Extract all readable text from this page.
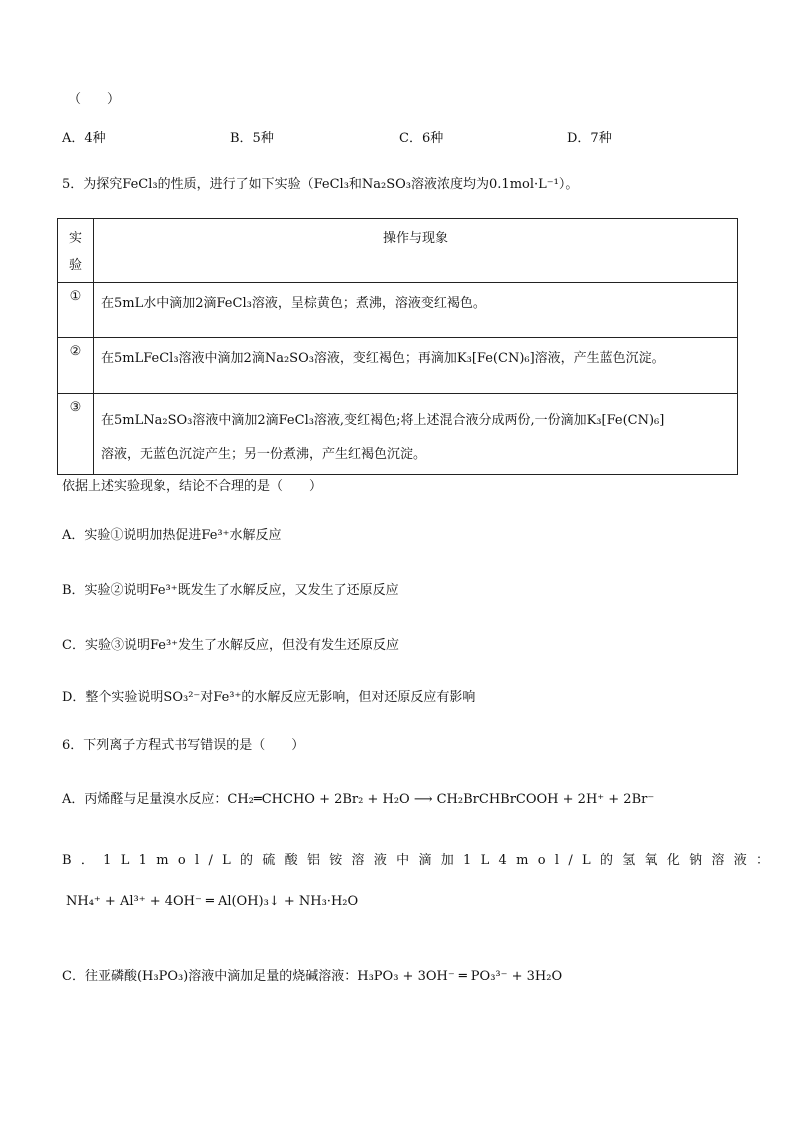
（　　）
A．4种	B．5种	C．6种	D．7种
5．为探究FeCl₃的性质，进行了如下实验（FeCl₃和Na₂SO₃溶液浓度均为0.1mol·L⁻¹）。
实
验	操作与现象

①	在5mL水中滴加2滴FeCl₃溶液，呈棕黄色；煮沸，溶液变红褐色。

②	在5mLFeCl₃溶液中滴加2滴Na₂SO₃溶液，变红褐色；再滴加K₃[Fe(CN)₆]溶液，产生蓝色沉淀。

③	在5mLNa₂SO₃溶液中滴加2滴FeCl₃溶液,变红褐色;将上述混合液分成两份,一份滴加K₃[Fe(CN)₆]
溶液，无蓝色沉淀产生；另一份煮沸，产生红褐色沉淀。
依据上述实验现象，结论不合理的是（　　）
A．实验①说明加热促进Fe³⁺水解反应
B．实验②说明Fe³⁺既发生了水解反应，又发生了还原反应
C．实验③说明Fe³⁺发生了水解反应，但没有发生还原反应
D．整个实验说明SO₃²⁻对Fe³⁺的水解反应无影响，但对还原反应有影响
6．下列离子方程式书写错误的是（　　）
A．丙烯醛与足量溴水反应：CH₂═CHCHO + 2Br₂ + H₂O ⟶ CH₂BrCHBrCOOH + 2H⁺ + 2Br⁻
B．1L1mol/L的硫酸铝铵溶液中滴加1L4mol/L的氢氧化钠溶液：
NH₄⁺ + Al³⁺ + 4OH⁻ ═ Al(OH)₃↓ + NH₃·H₂O
C．往亚磷酸(H₃PO₃)溶液中滴加足量的烧碱溶液：H₃PO₃ + 3OH⁻ ═ PO₃³⁻ + 3H₂O
